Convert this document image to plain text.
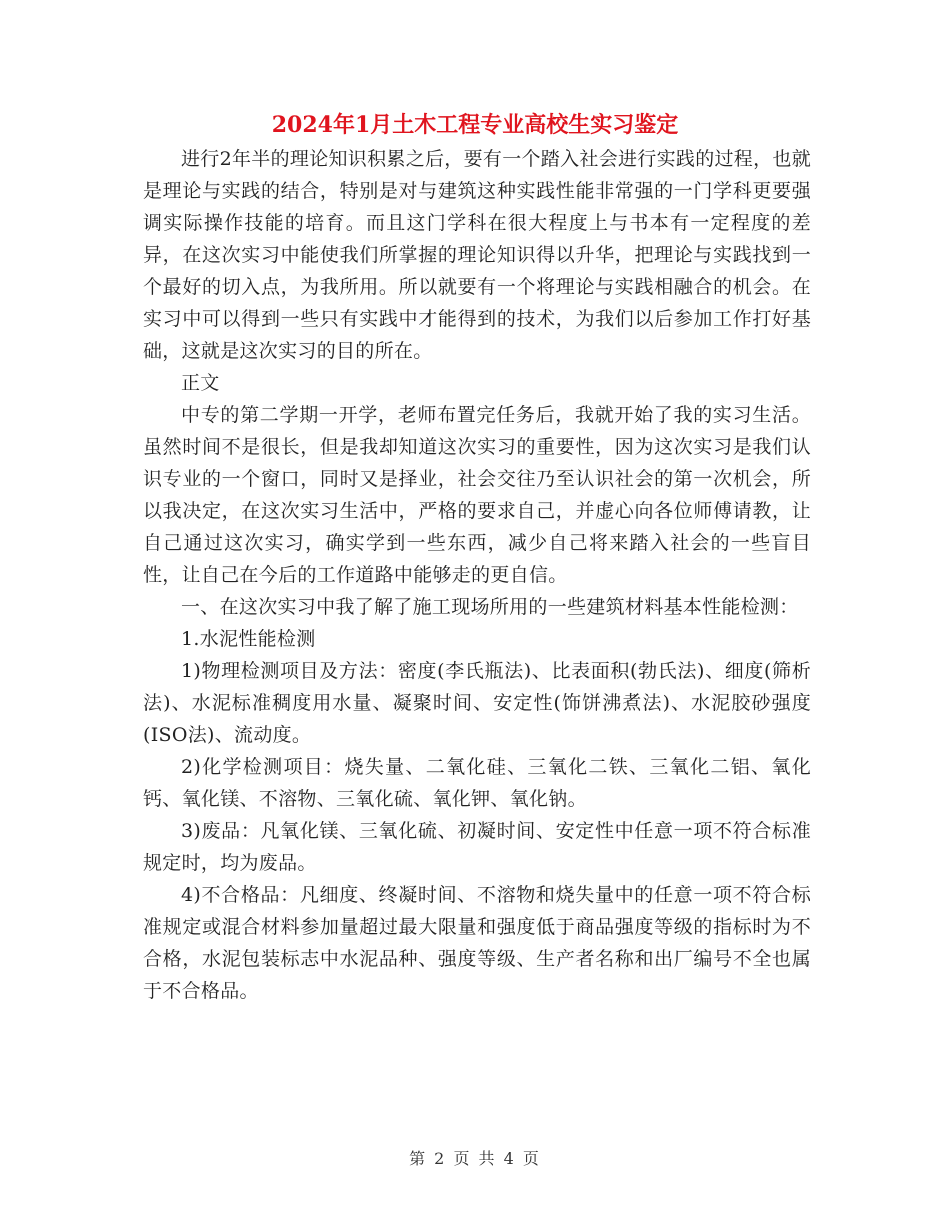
2024年1月土木工程专业高校生实习鉴定

进行2年半的理论知识积累之后，要有一个踏入社会进行实践的过程，也就是理论与实践的结合，特别是对与建筑这种实践性能非常强的一门学科更要强调实际操作技能的培育。而且这门学科在很大程度上与书本有一定程度的差异，在这次实习中能使我们所掌握的理论知识得以升华，把理论与实践找到一个最好的切入点，为我所用。所以就要有一个将理论与实践相融合的机会。在实习中可以得到一些只有实践中才能得到的技术，为我们以后参加工作打好基础，这就是这次实习的目的所在。

正文

中专的第二学期一开学，老师布置完任务后，我就开始了我的实习生活。虽然时间不是很长，但是我却知道这次实习的重要性，因为这次实习是我们认识专业的一个窗口，同时又是择业，社会交往乃至认识社会的第一次机会，所以我决定，在这次实习生活中，严格的要求自己，并虚心向各位师傅请教，让自己通过这次实习，确实学到一些东西，减少自己将来踏入社会的一些盲目性，让自己在今后的工作道路中能够走的更自信。

一、在这次实习中我了解了施工现场所用的一些建筑材料基本性能检测：

1.水泥性能检测

1)物理检测项目及方法：密度(李氏瓶法)、比表面积(勃氏法)、细度(筛析法)、水泥标准稠度用水量、凝聚时间、安定性(饰饼沸煮法)、水泥胶砂强度(ISO法)、流动度。

2)化学检测项目：烧失量、二氧化硅、三氧化二铁、三氧化二铝、氧化钙、氧化镁、不溶物、三氧化硫、氧化钾、氧化钠。

3)废品：凡氧化镁、三氧化硫、初凝时间、安定性中任意一项不符合标准规定时，均为废品。

4)不合格品：凡细度、终凝时间、不溶物和烧失量中的任意一项不符合标准规定或混合材料参加量超过最大限量和强度低于商品强度等级的指标时为不合格，水泥包装标志中水泥品种、强度等级、生产者名称和出厂编号不全也属于不合格品。

第 2 页 共 4 页
